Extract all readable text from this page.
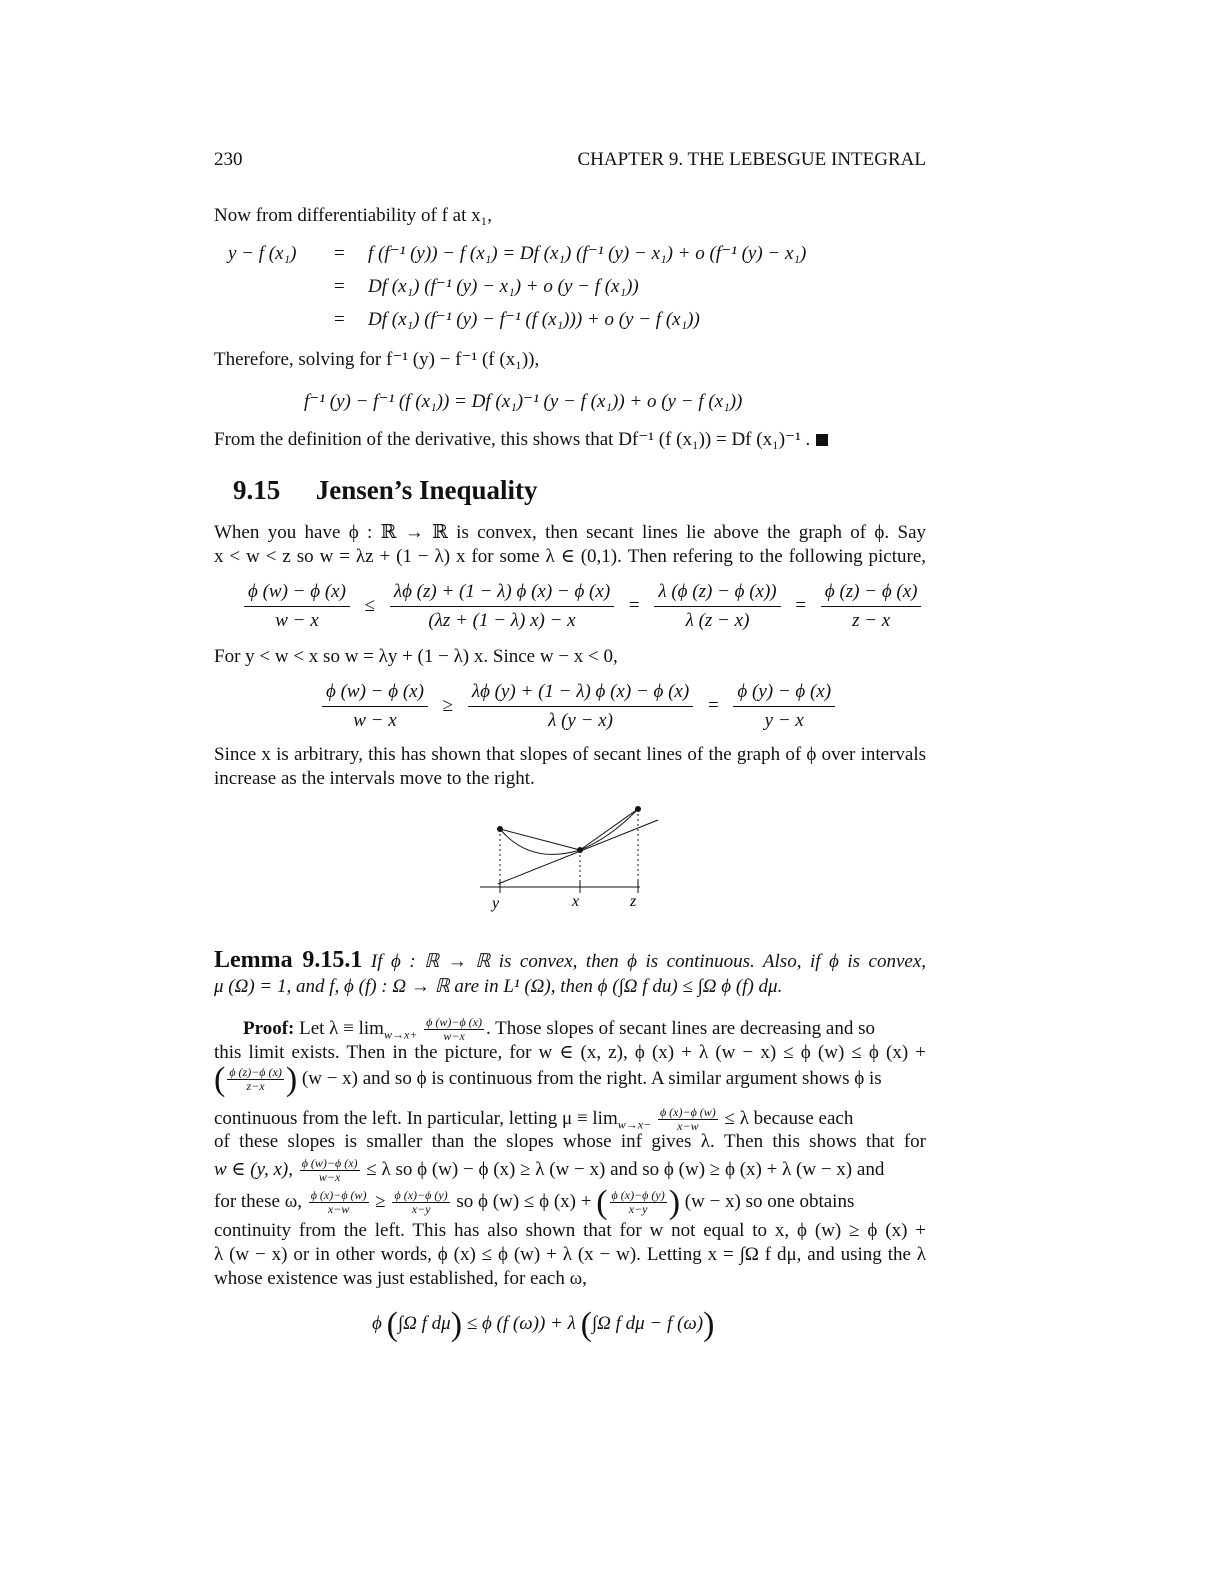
230	CHAPTER 9. THE LEBESGUE INTEGRAL
Now from differentiability of f at x₁,
y − f (x₁) = f (f⁻¹ (y)) − f (x₁) = Df (x₁) (f⁻¹ (y) − x₁) + o (f⁻¹ (y) − x₁)
= Df (x₁) (f⁻¹ (y) − x₁) + o (y − f (x₁))
= Df (x₁) (f⁻¹ (y) − f⁻¹ (f (x₁))) + o (y − f (x₁))
Therefore, solving for f⁻¹ (y) − f⁻¹ (f (x₁)),
f⁻¹ (y) − f⁻¹ (f (x₁)) = Df (x₁)⁻¹ (y − f (x₁)) + o (y − f (x₁))
From the definition of the derivative, this shows that Df⁻¹ (f (x₁)) = Df (x₁)⁻¹ .
9.15 Jensen’s Inequality
When you have ϕ : ℝ → ℝ is convex, then secant lines lie above the graph of ϕ. Say
x < w < z so w = λz + (1 − λ) x for some λ ∈ (0,1). Then refering to the following picture,
$\frac{\phi (w) - \phi (x)}{w - x} \le \frac{\lambda\phi (z) + (1 - \lambda) \phi (x) - \phi (x)}{(\lambda z + (1 - \lambda) x) - x} = \frac{\lambda (\phi (z) - \phi (x))}{\lambda (z - x)} = \frac{\phi (z) - \phi (x)}{z - x}$
For y < w < x so w = λy + (1 − λ) x. Since w − x < 0,
$\frac{\phi (w) - \phi (x)}{w - x} \ge \frac{\lambda\phi (y) + (1 - \lambda) \phi (x) - \phi (x)}{\lambda (y - x)} = \frac{\phi (y) - \phi (x)}{y - x}$
Since x is arbitrary, this has shown that slopes of secant lines of the graph of ϕ over intervals
increase as the intervals move to the right.
y	x	z
Lemma 9.15.1 If ϕ : ℝ → ℝ is convex, then ϕ is continuous. Also, if ϕ is convex,
μ (Ω) = 1, and f, ϕ (f) : Ω → ℝ are in L¹ (Ω), then ϕ (∫Ω f du) ≤ ∫Ω ϕ (f) dμ.
Proof: Let $\lambda \equiv \lim_{w\to x+} \frac{\phi (w)-\phi (x)}{w-x}$ . Those slopes of secant lines are decreasing and so
this limit exists. Then in the picture, for w ∈ (x, z), ϕ (x) + λ (w − x) ≤ ϕ (w) ≤ ϕ (x) +
( $\frac{\phi (z)-\phi (x)}{z-x}$ ) (w − x) and so ϕ is continuous from the right. A similar argument shows ϕ is
continuous from the left. In particular, letting $\mu \equiv \lim_{w\to x-} \frac{\phi (x)-\phi (w)}{x-w} \le \lambda$ because each
of these slopes is smaller than the slopes whose inf gives λ. Then this shows that for
w ∈ (y, x), $\frac{\phi (w)-\phi (x)}{w-x} \le \lambda$ so ϕ (w) − ϕ (x) ≥ λ (w − x) and so ϕ (w) ≥ ϕ (x) + λ (w − x) and
for these ω, $\frac{\phi (x)-\phi (w)}{x-w} \ge \frac{\phi (x)-\phi (y)}{x-y}$ so ϕ (w) ≤ ϕ (x) + ( $\frac{\phi (x)-\phi (y)}{x-y}$ ) (w − x) so one obtains
continuity from the left. This has also shown that for w not equal to x, ϕ (w) ≥ ϕ (x) +
λ (w − x) or in other words, ϕ (x) ≤ ϕ (w) + λ (x − w). Letting x = ∫Ω f dμ, and using the λ
whose existence was just established, for each ω,
ϕ (∫Ω f dμ) ≤ ϕ (f (ω)) + λ (∫Ω f dμ − f (ω))
